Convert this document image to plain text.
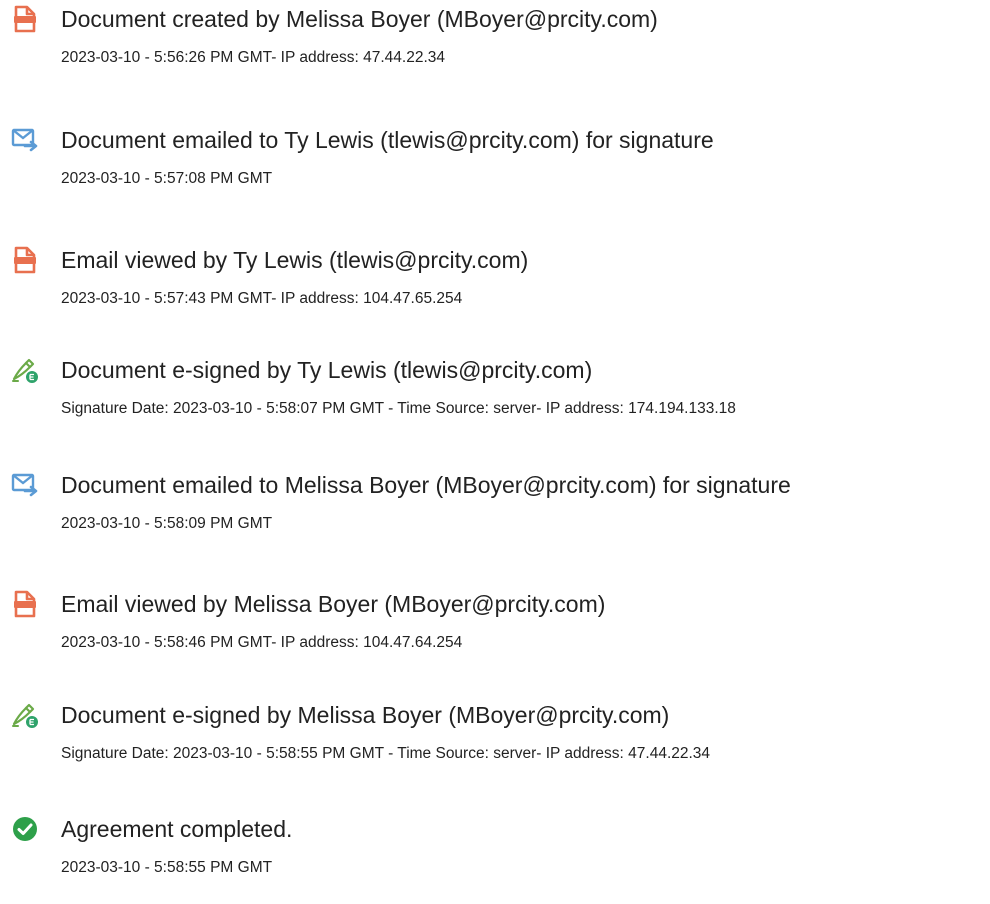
Document created by Melissa Boyer (MBoyer@prcity.com)
2023-03-10 - 5:56:26 PM GMT- IP address: 47.44.22.34
Document emailed to Ty Lewis (tlewis@prcity.com) for signature
2023-03-10 - 5:57:08 PM GMT
Email viewed by Ty Lewis (tlewis@prcity.com)
2023-03-10 - 5:57:43 PM GMT- IP address: 104.47.65.254
Document e-signed by Ty Lewis (tlewis@prcity.com)
Signature Date: 2023-03-10 - 5:58:07 PM GMT - Time Source: server- IP address: 174.194.133.18
Document emailed to Melissa Boyer (MBoyer@prcity.com) for signature
2023-03-10 - 5:58:09 PM GMT
Email viewed by Melissa Boyer (MBoyer@prcity.com)
2023-03-10 - 5:58:46 PM GMT- IP address: 104.47.64.254
Document e-signed by Melissa Boyer (MBoyer@prcity.com)
Signature Date: 2023-03-10 - 5:58:55 PM GMT - Time Source: server- IP address: 47.44.22.34
Agreement completed.
2023-03-10 - 5:58:55 PM GMT
